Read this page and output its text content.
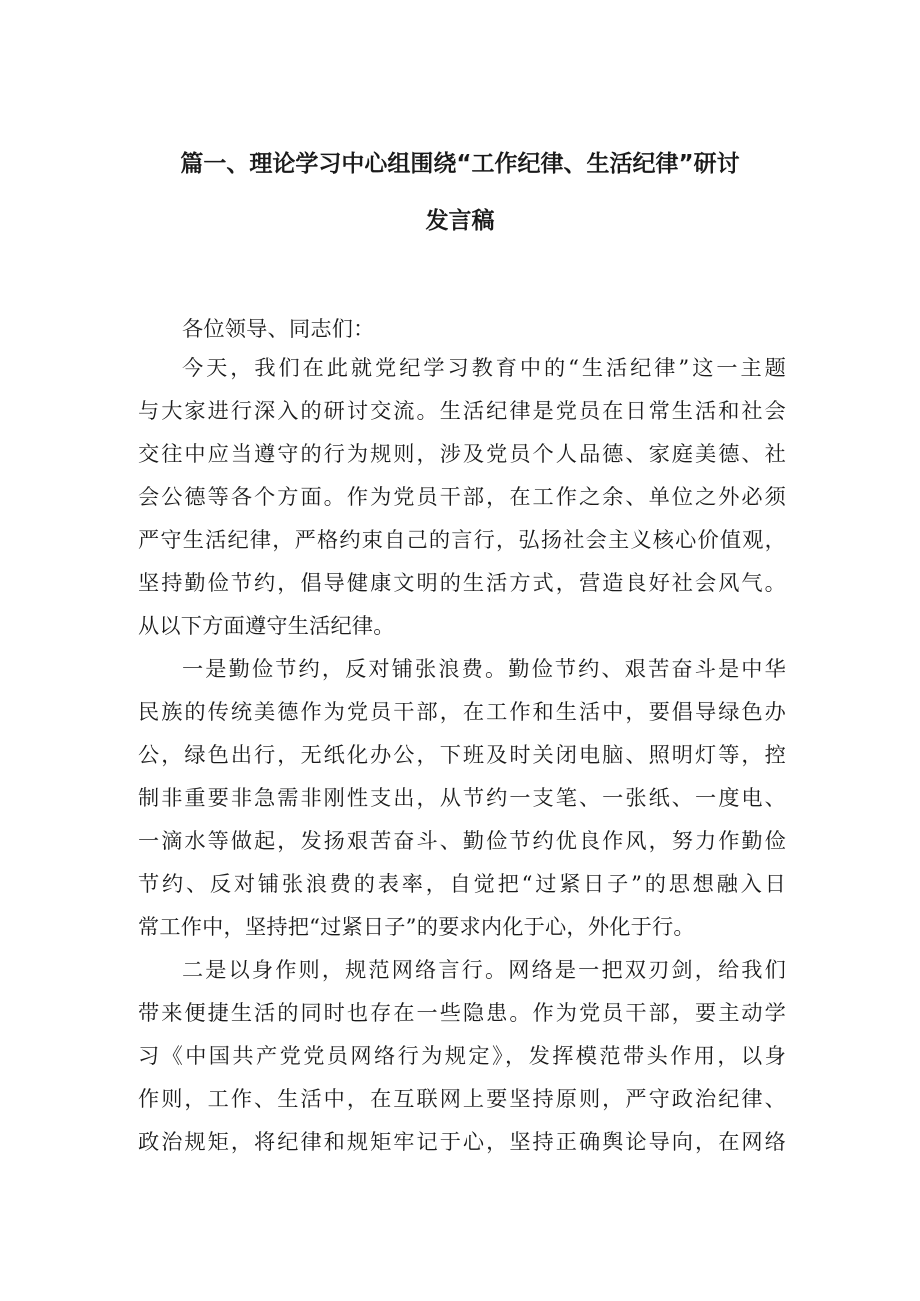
篇一、理论学习中心组围绕“工作纪律、生活纪律”研讨
发言稿
各位领导、同志们：
今天，我们在此就党纪学习教育中的“生活纪律”这一主题
与大家进行深入的研讨交流。生活纪律是党员在日常生活和社会
交往中应当遵守的行为规则，涉及党员个人品德、家庭美德、社
会公德等各个方面。作为党员干部，在工作之余、单位之外必须
严守生活纪律，严格约束自己的言行，弘扬社会主义核心价值观，
坚持勤俭节约，倡导健康文明的生活方式，营造良好社会风气。
从以下方面遵守生活纪律。
一是勤俭节约，反对铺张浪费。勤俭节约、艰苦奋斗是中华
民族的传统美德作为党员干部，在工作和生活中，要倡导绿色办
公，绿色出行，无纸化办公，下班及时关闭电脑、照明灯等，控
制非重要非急需非刚性支出，从节约一支笔、一张纸、一度电、
一滴水等做起，发扬艰苦奋斗、勤俭节约优良作风，努力作勤俭
节约、反对铺张浪费的表率，自觉把“过紧日子”的思想融入日
常工作中，坚持把“过紧日子”的要求内化于心，外化于行。
二是以身作则，规范网络言行。网络是一把双刃剑，给我们
带来便捷生活的同时也存在一些隐患。作为党员干部，要主动学
习《中国共产党党员网络行为规定》，发挥模范带头作用，以身
作则，工作、生活中，在互联网上要坚持原则，严守政治纪律、
政治规矩，将纪律和规矩牢记于心，坚持正确舆论导向，在网络
